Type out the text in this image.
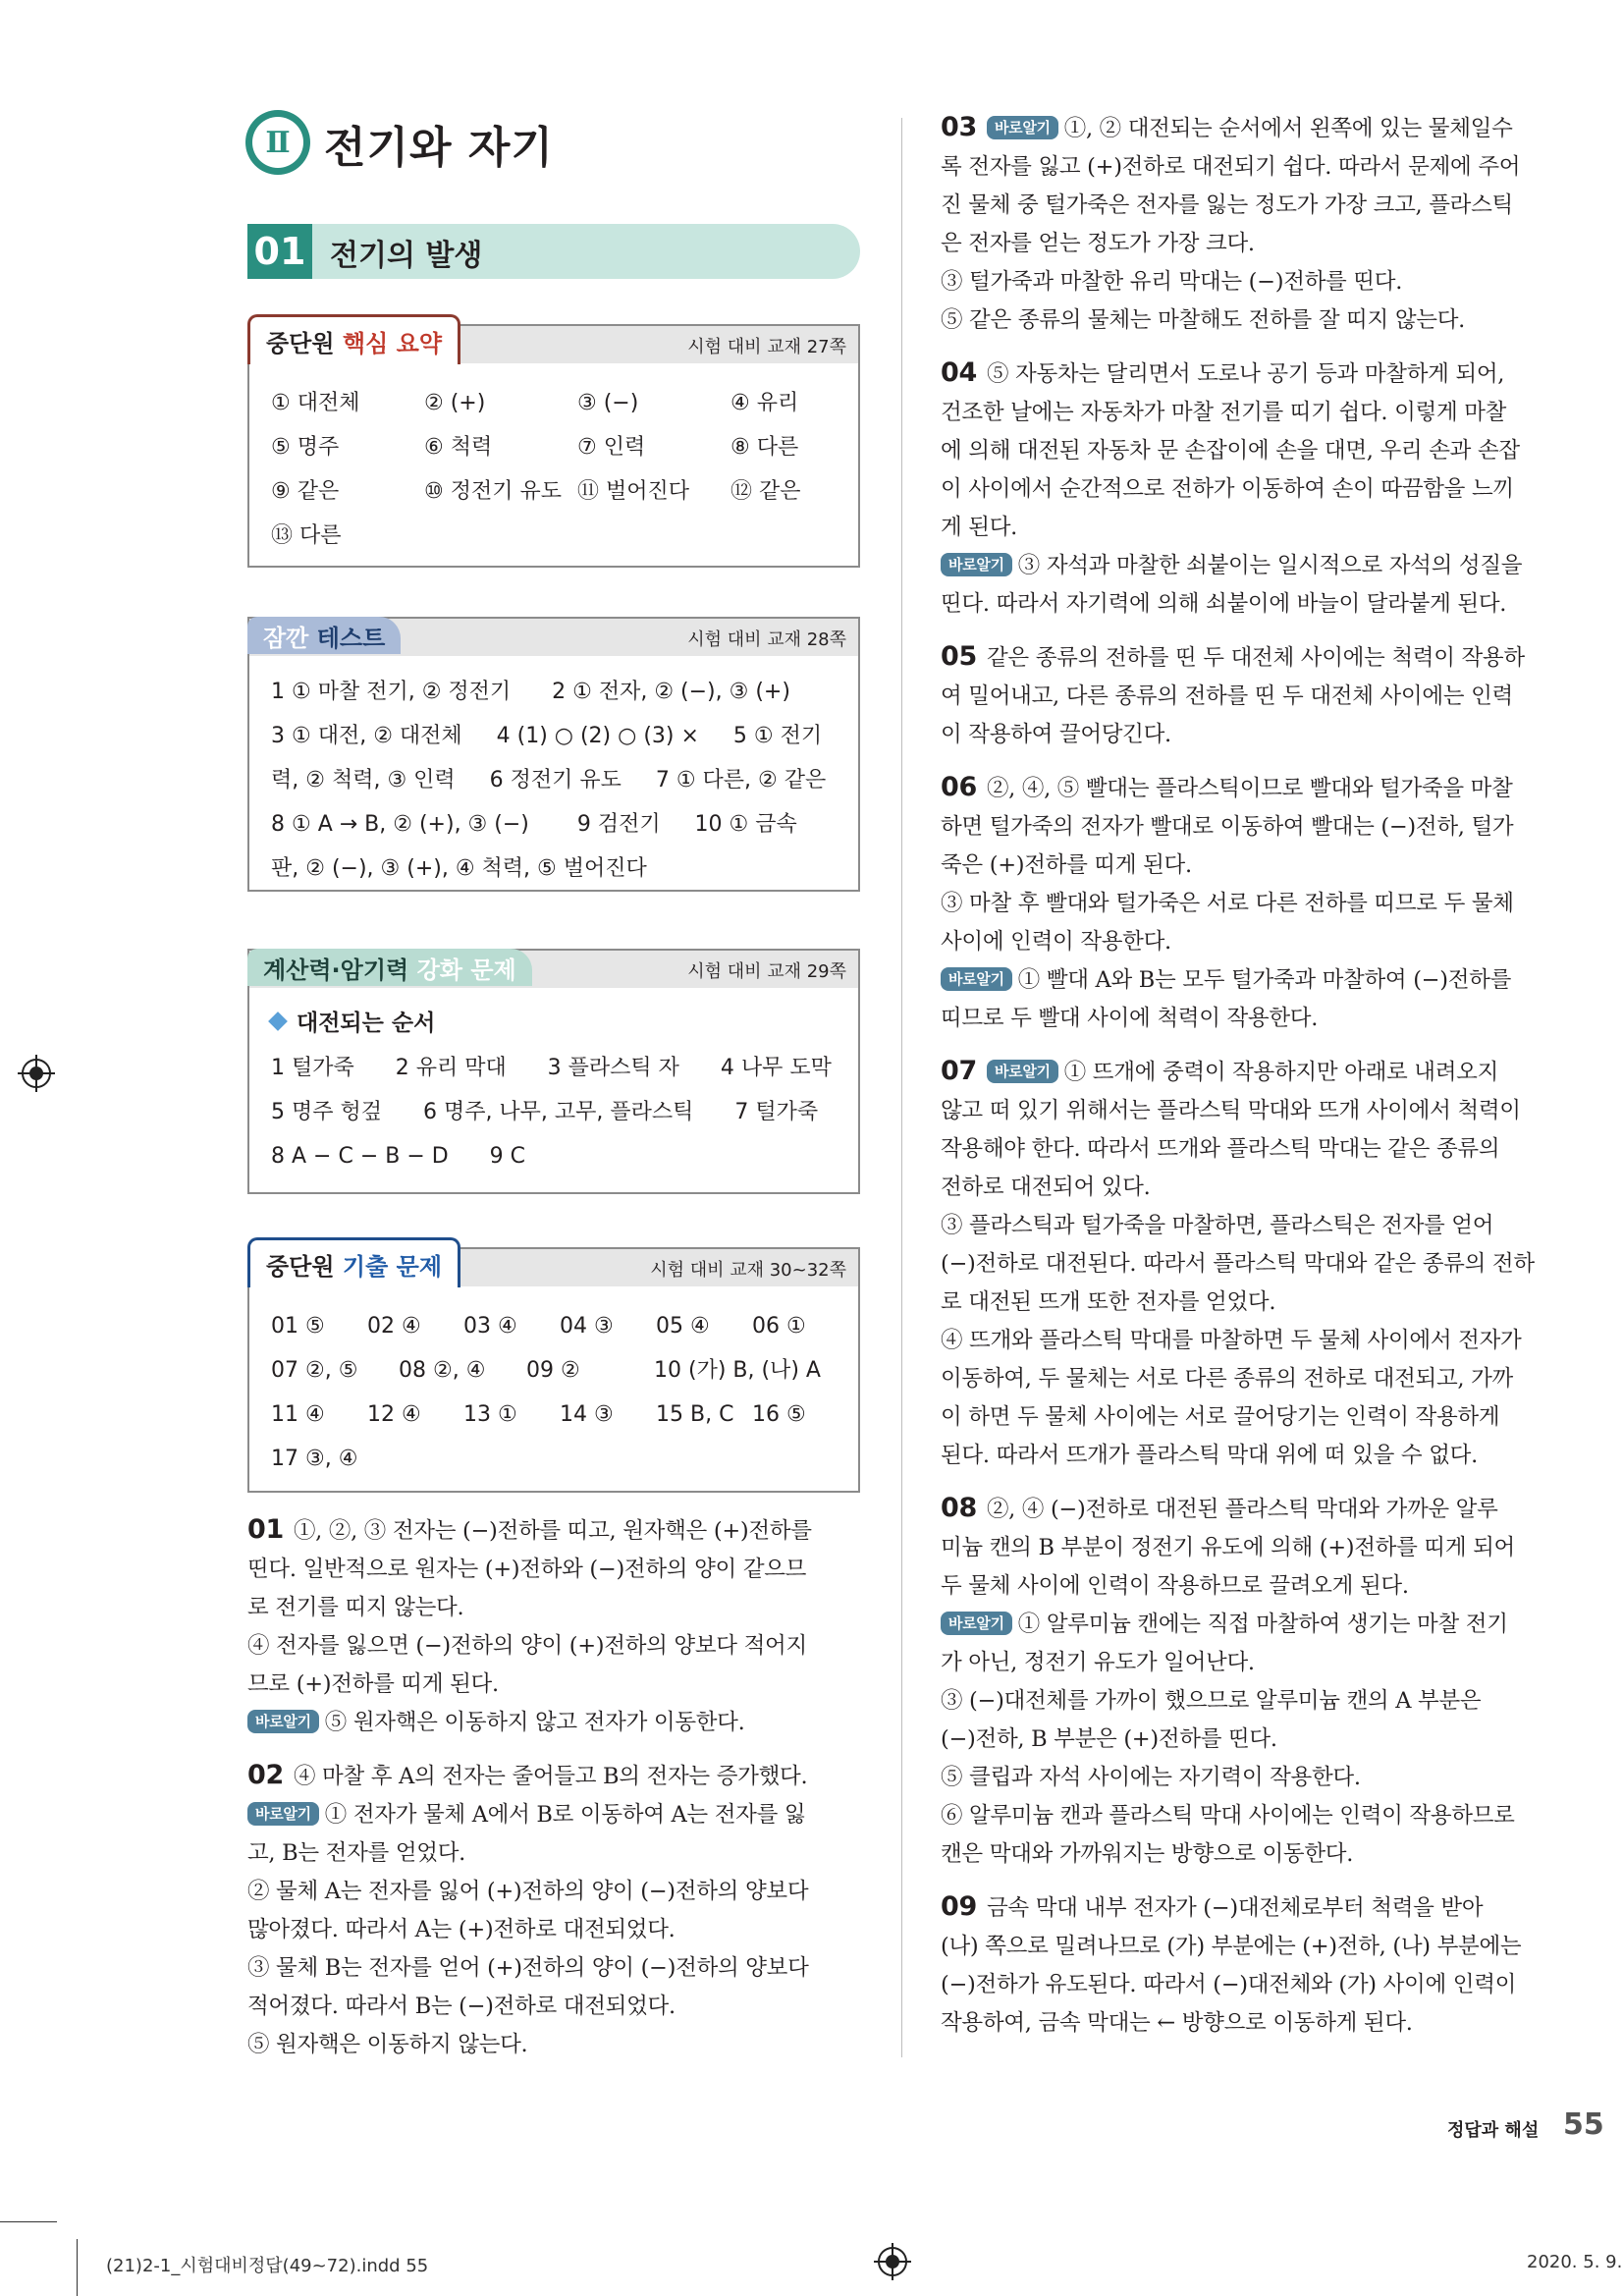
Ⅱ 전기와 자기
01 전기의 발생
시험 대비 교재 27쪽
중단원
핵심 요약
① 대전체	② (+)	③ (−)	④ 유리
⑤ 명주	⑥ 척력	⑦ 인력	⑧ 다른
⑨ 같은	⑩ 정전기 유도 ⑪ 벌어진다	⑫ 같은
⑬ 다른
시험 대비 교재 28쪽
잠깐
테스트
1 ① 마찰 전기, ② 정전기      2 ① 전자, ② (−), ③ (+)
3 ① 대전, ② 대전체     4 (1) ○ (2) ○ (3) ×     5 ① 전기
력, ② 척력, ③ 인력     6 정전기 유도     7 ① 다른, ② 같은
8 ① A → B, ② (+), ③ (−)       9 검전기     10 ① 금속
판, ② (−), ③ (+), ④ 척력, ⑤ 벌어진다
시험 대비 교재 29쪽
계산력·암기력
강화 문제
대전되는 순서
1 털가죽      2 유리 막대      3 플라스틱 자      4 나무 도막
5 명주 헝겊      6 명주, 나무, 고무, 플라스틱      7 털가죽
8 A − C − B − D      9 C
시험 대비 교재 30~32쪽
중단원
기출 문제
01 ⑤ 02 ④ 03 ④ 04 ③ 05 ④ 06 ①
07 ②, ⑤ 08 ②, ④ 09 ②	10 (가) B, (나) A
11 ④ 12 ④ 13 ① 14 ③ 15 B, C 16 ⑤
17 ③, ④

01 ①, ②, ③ 전자는 (−)전하를 띠고, 원자핵은 (+)전하를

띤다. 일반적으로 원자는 (+)전하와 (−)전하의 양이 같으므

로 전기를 띠지 않는다.

④ 전자를 잃으면 (−)전하의 양이 (+)전하의 양보다 적어지

므로 (+)전하를 띠게 된다.

바로알기 ⑤ 원자핵은 이동하지 않고 전자가 이동한다.

02 ④ 마찰 후 A의 전자는 줄어들고 B의 전자는 증가했다.

바로알기 ① 전자가 물체 A에서 B로 이동하여 A는 전자를 잃

고, B는 전자를 얻었다.

② 물체 A는 전자를 잃어 (+)전하의 양이 (−)전하의 양보다

많아졌다. 따라서 A는 (+)전하로 대전되었다.

③ 물체 B는 전자를 얻어 (+)전하의 양이 (−)전하의 양보다

적어졌다. 따라서 B는 (−)전하로 대전되었다.

⑤ 원자핵은 이동하지 않는다.

03 바로알기 ①, ② 대전되는 순서에서 왼쪽에 있는 물체일수

록 전자를 잃고 (+)전하로 대전되기 쉽다. 따라서 문제에 주어

진 물체 중 털가죽은 전자를 잃는 정도가 가장 크고, 플라스틱

은 전자를 얻는 정도가 가장 크다.

③ 털가죽과 마찰한 유리 막대는 (−)전하를 띤다.

⑤ 같은 종류의 물체는 마찰해도 전하를 잘 띠지 않는다.

04 ⑤ 자동차는 달리면서 도로나 공기 등과 마찰하게 되어,

건조한 날에는 자동차가 마찰 전기를 띠기 쉽다. 이렇게 마찰

에 의해 대전된 자동차 문 손잡이에 손을 대면, 우리 손과 손잡

이 사이에서 순간적으로 전하가 이동하여 손이 따끔함을 느끼

게 된다.

바로알기 ③ 자석과 마찰한 쇠붙이는 일시적으로 자석의 성질을

띤다. 따라서 자기력에 의해 쇠붙이에 바늘이 달라붙게 된다.

05 같은 종류의 전하를 띤 두 대전체 사이에는 척력이 작용하

여 밀어내고, 다른 종류의 전하를 띤 두 대전체 사이에는 인력

이 작용하여 끌어당긴다.

06 ②, ④, ⑤ 빨대는 플라스틱이므로 빨대와 털가죽을 마찰

하면 털가죽의 전자가 빨대로 이동하여 빨대는 (−)전하, 털가

죽은 (+)전하를 띠게 된다.

③ 마찰 후 빨대와 털가죽은 서로 다른 전하를 띠므로 두 물체

사이에 인력이 작용한다.

바로알기 ① 빨대 A와 B는 모두 털가죽과 마찰하여 (−)전하를

띠므로 두 빨대 사이에 척력이 작용한다.

07 바로알기 ① 뜨개에 중력이 작용하지만 아래로 내려오지

않고 떠 있기 위해서는 플라스틱 막대와 뜨개 사이에서 척력이

작용해야 한다. 따라서 뜨개와 플라스틱 막대는 같은 종류의

전하로 대전되어 있다.

③ 플라스틱과 털가죽을 마찰하면, 플라스틱은 전자를 얻어

(−)전하로 대전된다. 따라서 플라스틱 막대와 같은 종류의 전하

로 대전된 뜨개 또한 전자를 얻었다.

④ 뜨개와 플라스틱 막대를 마찰하면 두 물체 사이에서 전자가

이동하여, 두 물체는 서로 다른 종류의 전하로 대전되고, 가까

이 하면 두 물체 사이에는 서로 끌어당기는 인력이 작용하게

된다. 따라서 뜨개가 플라스틱 막대 위에 떠 있을 수 없다.

08 ②, ④ (−)전하로 대전된 플라스틱 막대와 가까운 알루

미늄 캔의 B 부분이 정전기 유도에 의해 (+)전하를 띠게 되어

두 물체 사이에 인력이 작용하므로 끌려오게 된다.

바로알기 ① 알루미늄 캔에는 직접 마찰하여 생기는 마찰 전기

가 아닌, 정전기 유도가 일어난다.

③ (−)대전체를 가까이 했으므로 알루미늄 캔의 A 부분은

(−)전하, B 부분은 (+)전하를 띤다.

⑤ 클립과 자석 사이에는 자기력이 작용한다.

⑥ 알루미늄 캔과 플라스틱 막대 사이에는 인력이 작용하므로

캔은 막대와 가까워지는 방향으로 이동한다.

09 금속 막대 내부 전자가 (−)대전체로부터 척력을 받아

(나) 쪽으로 밀려나므로 (가) 부분에는 (+)전하, (나) 부분에는

(−)전하가 유도된다. 따라서 (−)대전체와 (가) 사이에 인력이

작용하여, 금속 막대는 ← 방향으로 이동하게 된다.

정답과 해설 55
(21)2-1_시험대비정답(49~72).indd 55	2020. 5. 9.
